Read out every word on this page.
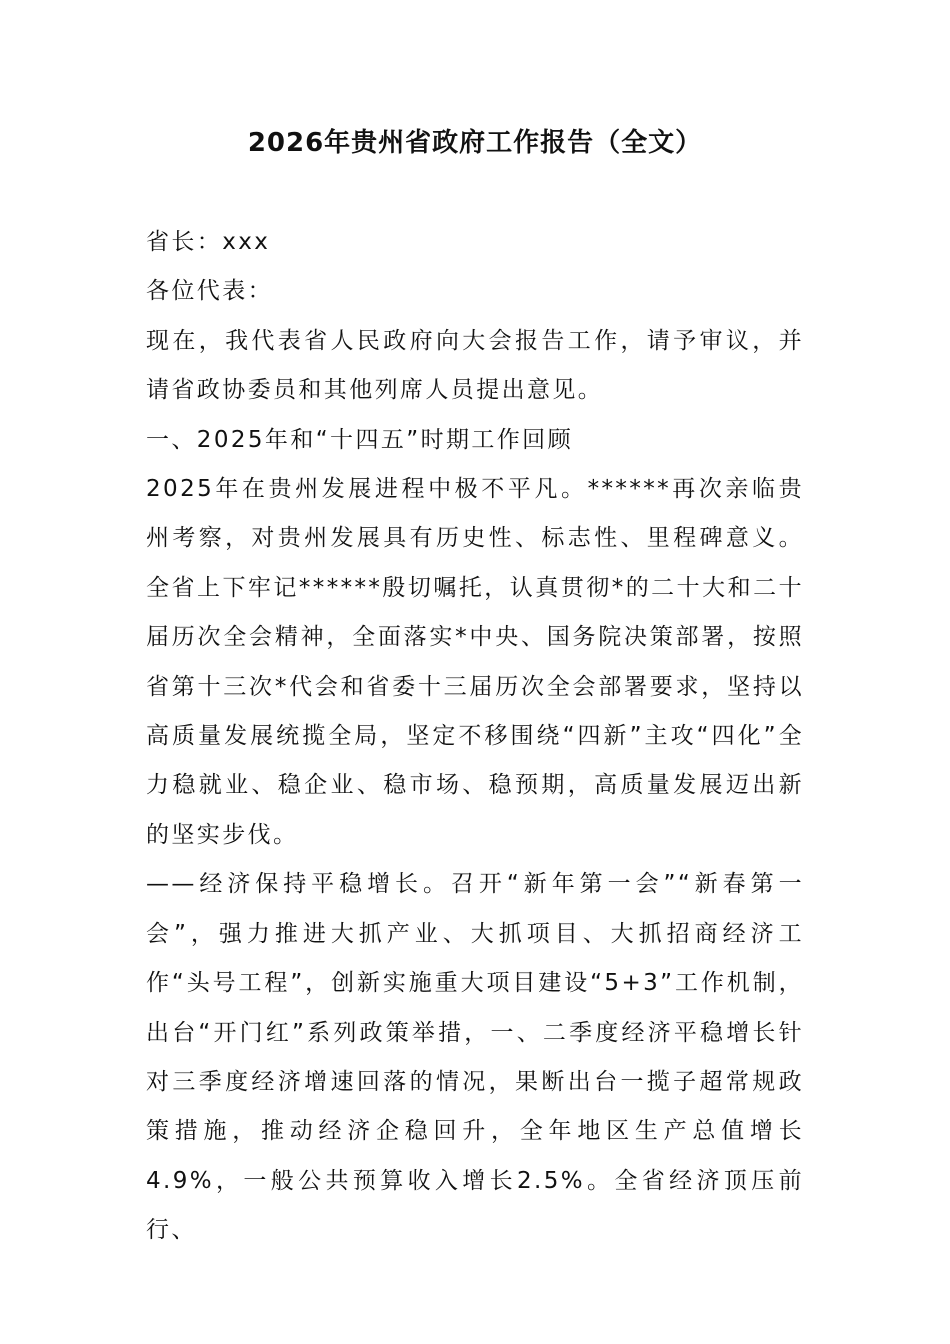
2026年贵州省政府工作报告（全文）

省长：xxx

各位代表：

现在，我代表省人民政府向大会报告工作，请予审议，并请省政协委员和其他列席人员提出意见。

一、2025年和“十四五”时期工作回顾

2025年在贵州发展进程中极不平凡。******再次亲临贵州考察，对贵州发展具有历史性、标志性、里程碑意义。全省上下牢记******殷切嘱托，认真贯彻*的二十大和二十届历次全会精神，全面落实*中央、国务院决策部署，按照省第十三次*代会和省委十三届历次全会部署要求，坚持以高质量发展统揽全局，坚定不移围绕“四新”主攻“四化”全力稳就业、稳企业、稳市场、稳预期，高质量发展迈出新的坚实步伐。

——经济保持平稳增长。召开“新年第一会”“新春第一会”，强力推进大抓产业、大抓项目、大抓招商经济工作“头号工程”，创新实施重大项目建设“5+3”工作机制，出台“开门红”系列政策举措，一、二季度经济平稳增长针对三季度经济增速回落的情况，果断出台一揽子超常规政策措施，推动经济企稳回升，全年地区生产总值增长4.9%，一般公共预算收入增长2.5%。全省经济顶压前行、
